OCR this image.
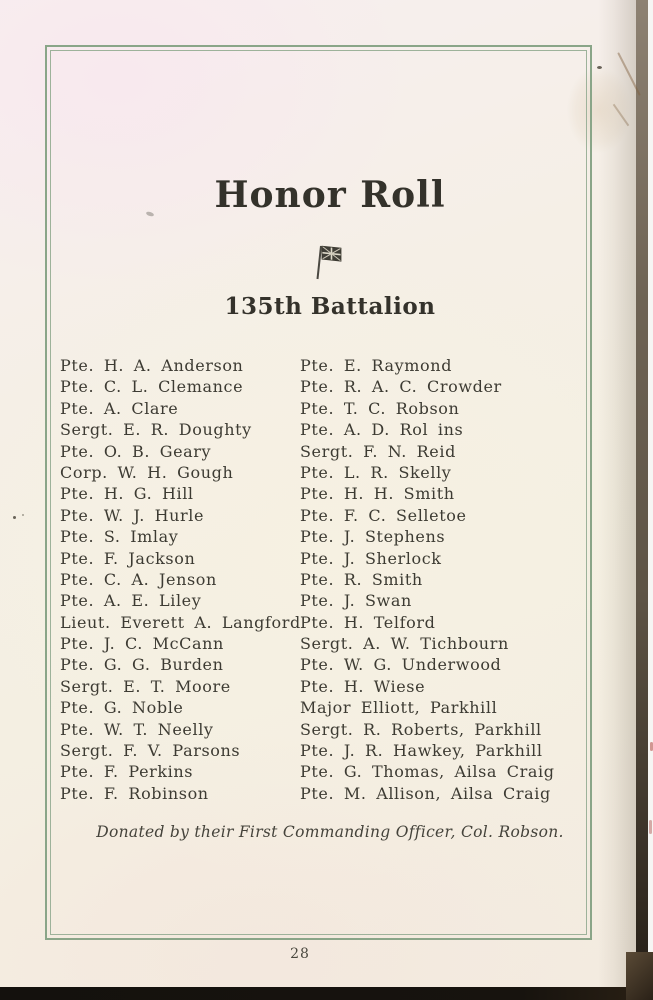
Honor Roll
135th Battalion
Pte. H. A. Anderson
Pte. C. L. Clemance
Pte. A. Clare
Sergt. E. R. Doughty
Pte. O. B. Geary
Corp. W. H. Gough
Pte. H. G. Hill
Pte. W. J. Hurle
Pte. S. Imlay
Pte. F. Jackson
Pte. C. A. Jenson
Pte. A. E. Liley
Lieut. Everett A. Langford
Pte. J. C. McCann
Pte. G. G. Burden
Sergt. E. T. Moore
Pte. G. Noble
Pte. W. T. Neelly
Sergt. F. V. Parsons
Pte. F. Perkins
Pte. F. Robinson
Pte. E. Raymond
Pte. R. A. C. Crowder
Pte. T. C. Robson
Pte. A. D. Rol ins
Sergt. F. N. Reid
Pte. L. R. Skelly
Pte. H. H. Smith
Pte. F. C. Selletoe
Pte. J. Stephens
Pte. J. Sherlock
Pte. R. Smith
Pte. J. Swan
Pte. H. Telford
Sergt. A. W. Tichbourn
Pte. W. G. Underwood
Pte. H. Wiese
Major Elliott, Parkhill
Sergt. R. Roberts, Parkhill
Pte. J. R. Hawkey, Parkhill
Pte. G. Thomas, Ailsa Craig
Pte. M. Allison, Ailsa Craig
Donated by their First Commanding Officer, Col. Robson.
28
